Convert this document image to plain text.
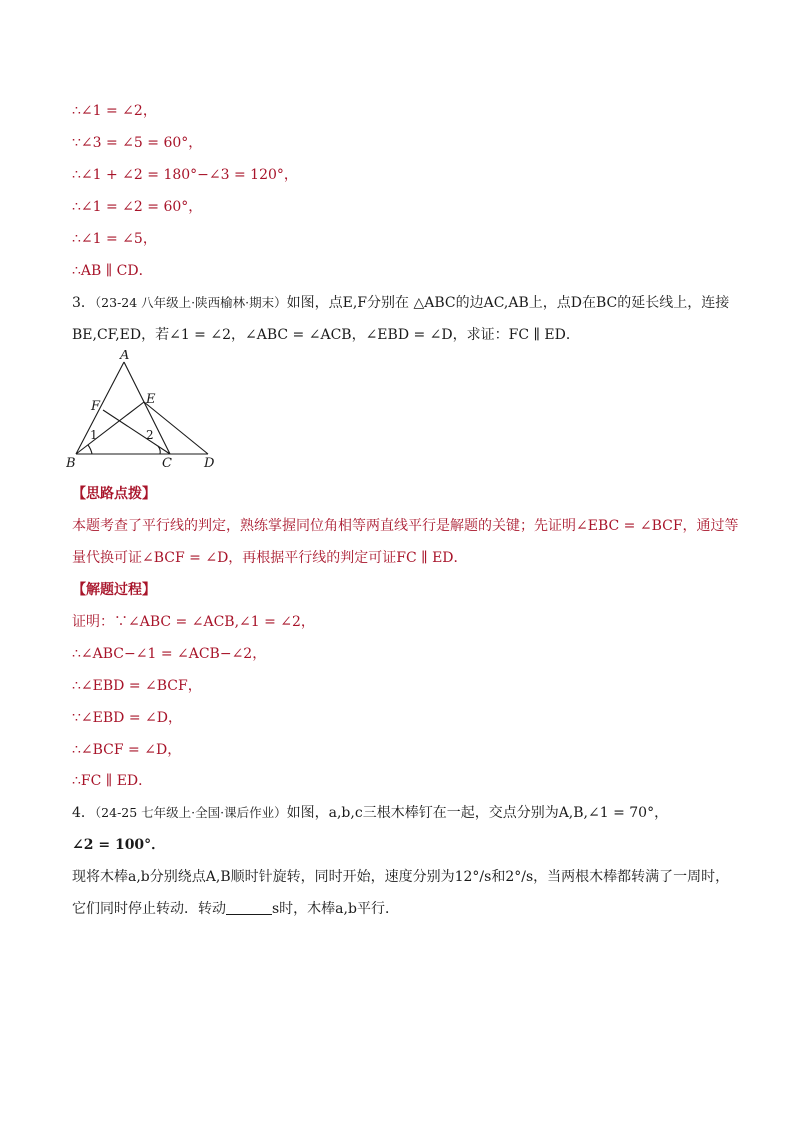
∴∠1 = ∠2，
∵∠3 = ∠5 = 60°，
∴∠1 + ∠2 = 180°−∠3 = 120°，
∴∠1 = ∠2 = 60°，
∴∠1 = ∠5，
∴AB ∥ CD．
3．（23-24 八年级上·陕西榆林·期末）如图，点E,F分别在 △ABC的边AC,AB上，点D在BC的延长线上，连接
BE,CF,ED，若∠1 = ∠2，∠ABC = ∠ACB，∠EBD = ∠D，求证：FC ∥ ED．
A
B	C D
E
F
1	2
【思路点拨】
本题考查了平行线的判定，熟练掌握同位角相等两直线平行是解题的关键；先证明∠EBC = ∠BCF，通过等
量代换可证∠BCF = ∠D，再根据平行线的判定可证FC ∥ ED．
【解题过程】
证明：∵∠ABC = ∠ACB,∠1 = ∠2，
∴∠ABC−∠1 = ∠ACB−∠2，
∴∠EBD = ∠BCF，
∵∠EBD = ∠D，
∴∠BCF = ∠D，
∴FC ∥ ED．
4．（24-25 七年级上·全国·课后作业）如图，a,b,c三根木棒钉在一起，交点分别为A,B,∠1 = 70°，
∠2 = 100°．
现将木棒a,b分别绕点A,B顺时针旋转，同时开始，速度分别为12°/s和2°/s，当两根木棒都转满了一周时，
它们同时停止转动．转动	s时，木棒a,b平行．
